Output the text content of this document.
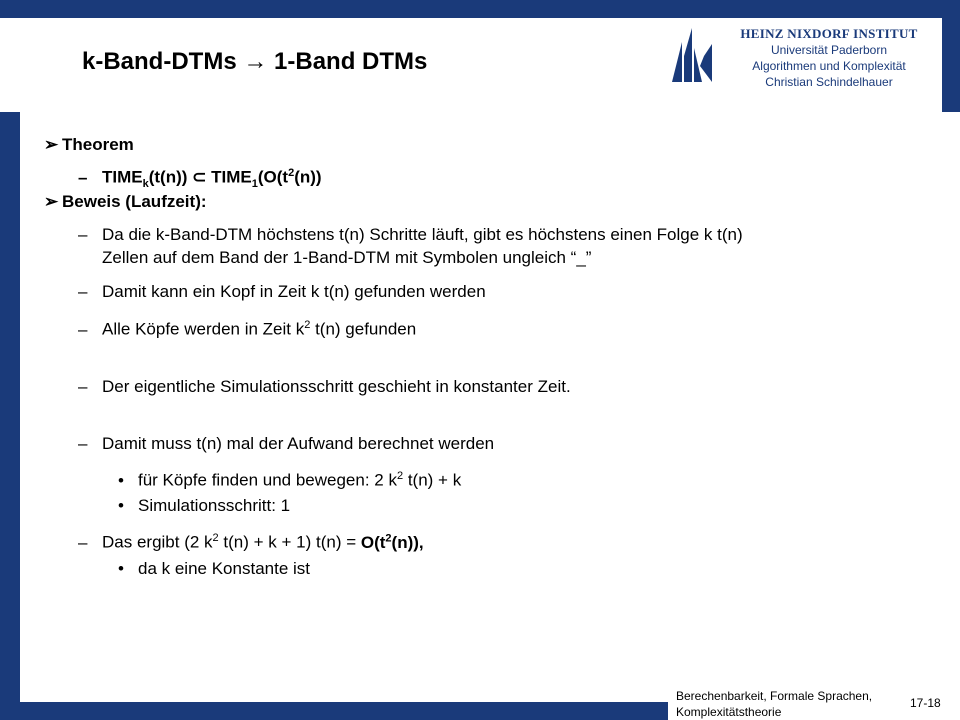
HEINZ NIXDORF INSTITUT
Universität Paderborn
Algorithmen und Komplexität
Christian Schindelhauer
k-Band-DTMs → 1-Band DTMs
➢ Theorem
– $TIME_k(t(n))$ ⊂ $TIME_1(O(t^2(n))$
➢ Beweis (Laufzeit):
– Da die k-Band-DTM höchstens t(n) Schritte läuft, gibt es höchstens einen Folge k t(n)
Zellen auf dem Band der 1-Band-DTM mit Symbolen ungleich “_”
– Damit kann ein Kopf in Zeit k t(n) gefunden werden
– Alle Köpfe werden in Zeit $k^2$ t(n) gefunden
– Der eigentliche Simulationsschritt geschieht in konstanter Zeit.
– Damit muss t(n) mal der Aufwand berechnet werden
• für Köpfe finden und bewegen: 2 $k^2$ t(n) + k
• Simulationsschritt: 1
– Das ergibt (2 $k^2$ t(n) + k + 1) $t(n) = O(t^2(n))$,
• da k eine Konstante ist
Berechenbarkeit, Formale Sprachen,
Komplexitätstheorie
17-18
